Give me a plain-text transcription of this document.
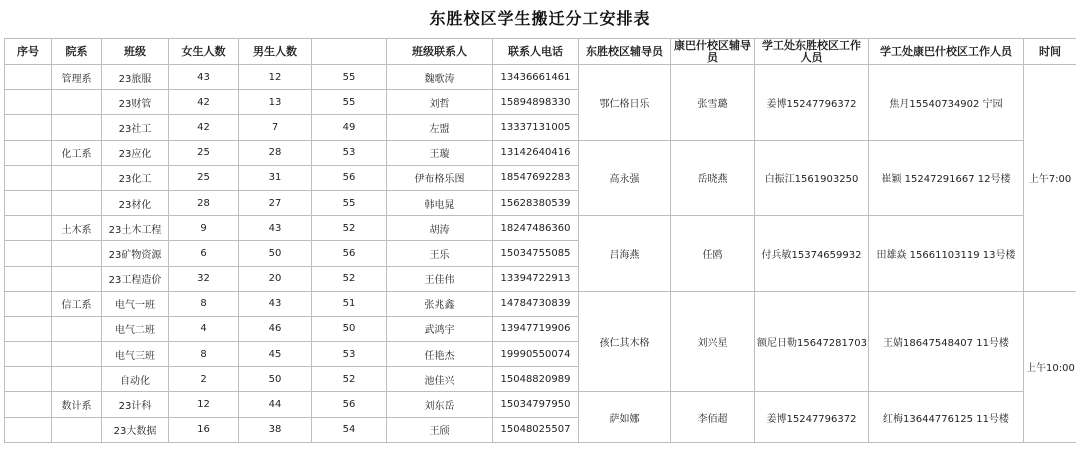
东胜校区学生搬迁分工安排表
序号	院系	班级	女生人数	男生人数		班级联系人	联系人电话	东胜校区辅导员	康巴什校区辅导员	学工处东胜校区工作人员	学工处康巴什校区工作人员	时间
	管理系	23旅服	43	12	55	魏歌涛	13436661461	鄂仁格日乐	张雪璐	姜博15247796372	焦月15540734902 宁园	上午7:00
		23财管	42	13	55	刘哲	15894898330					
		23社工	42	7	49	左盟	13337131005					
	化工系	23应化	25	28	53	王璇	13142640416	高永强	岳晓燕	白振江1561903250	崔颖 15247291667 12号楼	
		23化工	25	31	56	伊布格乐图	18547692283					
		23材化	28	27	55	韩电晁	15628380539					
	土木系	23土木工程	9	43	52	胡涛	18247486360	吕海燕	任鸥	付兵敏15374659932	田雄焱 15661103119 13号楼	
		23矿物资源	6	50	56	王乐	15034755085					
		23工程造价	32	20	52	王佳伟	13394722913					
	信工系	电气一班	8	43	51	张兆鑫	14784730839	孩仁其木格	刘兴星	额尼日勒15647281703	王婧18647548407 11号楼	上午10:00
		电气二班	4	46	50	武鸿宇	13947719906					
		电气三班	8	45	53	任艳杰	19990550074					
		自动化	2	50	52	池佳兴	15048820989					
	数计系	23计科	12	44	56	刘东岳	15034797950	萨如娜	李佰超	姜博15247796372	红梅13644776125 11号楼	
		23大数据	16	38	54	王颀	15048025507					
